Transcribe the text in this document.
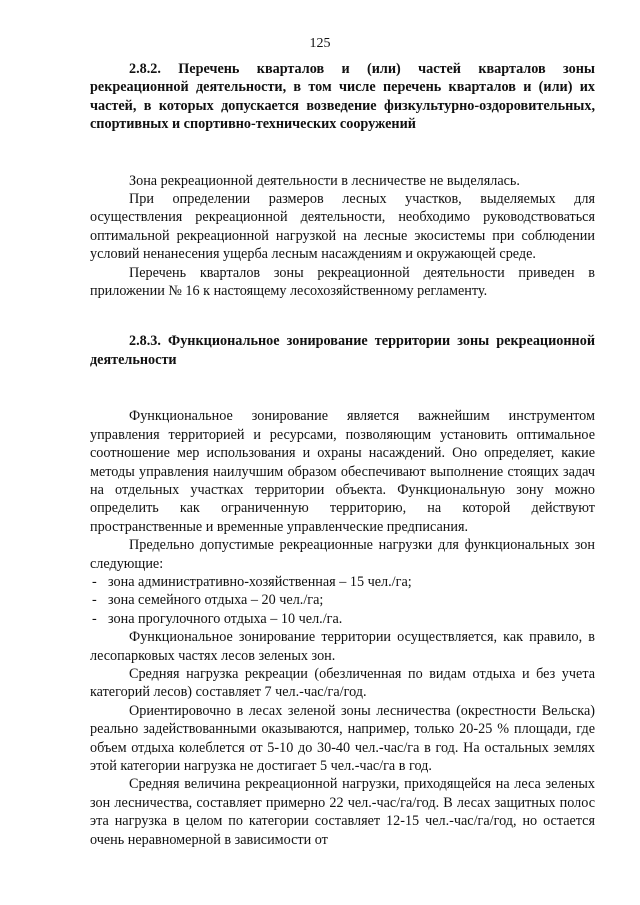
125

2.8.2. Перечень кварталов и (или) частей кварталов зоны рекреационной деятельности, в том числе перечень кварталов и (или) их частей, в которых допускается возведение физкультурно-оздоровительных, спортивных и спортивно-технических сооружений

Зона рекреационной деятельности в лесничестве не выделялась.

При определении размеров лесных участков, выделяемых для осуществления рекреационной деятельности, необходимо руководствоваться оптимальной рекреационной нагрузкой на лесные экосистемы при соблюдении условий ненанесения ущерба лесным насаждениям и окружающей среде.

Перечень кварталов зоны рекреационной деятельности приведен в приложении № 16 к настоящему лесохозяйственному регламенту.

2.8.3. Функциональное зонирование территории зоны рекреационной деятельности

Функциональное зонирование является важнейшим инструментом управления территорией и ресурсами, позволяющим установить оптимальное соотношение мер использования и охраны насаждений. Оно определяет, какие методы управления наилучшим образом обеспечивают выполнение стоящих задач на отдельных участках территории объекта. Функциональную зону можно определить как ограниченную территорию, на которой действуют пространственные и временные управленческие предписания.

Предельно допустимые рекреационные нагрузки для функциональных зон следующие:

- зона административно-хозяйственная – 15 чел./га;
- зона семейного отдыха – 20 чел./га;
- зона прогулочного отдыха – 10 чел./га.

Функциональное зонирование территории осуществляется, как правило, в лесопарковых частях лесов зеленых зон.

Средняя нагрузка рекреации (обезличенная по видам отдыха и без учета категорий лесов) составляет 7 чел.-час/га/год.

Ориентировочно в лесах зеленой зоны лесничества (окрестности Вельска) реально задействованными оказываются, например, только 20-25 % площади, где объем отдыха колеблется от 5-10 до 30-40 чел.-час/га в год. На остальных землях этой категории нагрузка не достигает 5 чел.-час/га в год.

Средняя величина рекреационной нагрузки, приходящейся на леса зеленых зон лесничества, составляет примерно 22 чел.-час/га/год. В лесах защитных полос эта нагрузка в целом по категории составляет 12-15 чел.-час/га/год, но остается очень неравномерной в зависимости от
